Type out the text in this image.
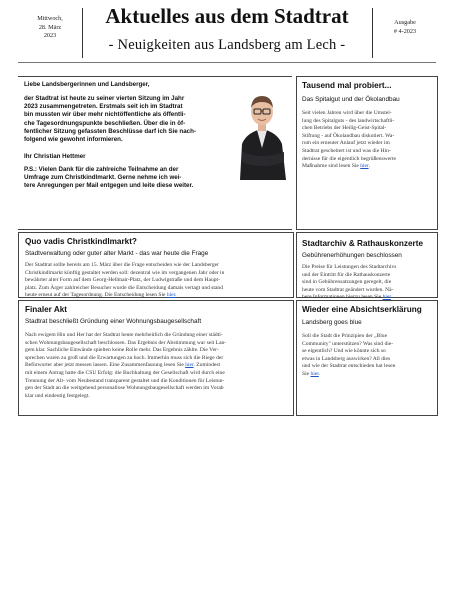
Mittwoch,
28. März
2023
Aktuelles aus dem Stadtrat
- Neuigkeiten aus Landsberg am Lech -
Ausgabe
# 4-2023
Liebe Landsbergerinnen und Landsberger,
der Stadtrat ist heute zu seiner vierten Sitzung im Jahr
2023 zusammengetreten. Erstmals seit ich im Stadtrat
bin mussten wir über mehr nichtöffentliche als öffentli-
che Tagesordnungspunkte beschließen. Über die in öf-
fentlicher Sitzung gefassten Beschlüsse darf ich Sie nach-
folgend wie gewohnt informieren.
Ihr Christian Hettmer
P.S.: Vielen Dank für die zahlreiche Teilnahme an der
Umfrage zum Christkindlmarkt. Gerne nehme ich wei-
tere Anregungen per Mail entgegen und leite diese weiter.
Tausend mal probiert...
Das Spitalgut und der Ökolandbau
Seit vielen Jahren wird über die Umstel-
lung des Spitalguts - des landwirtschaftli-
chen Betriebs der Heilig-Geist-Spital-
Stiftung - auf Ökolandbau diskutiert. Wa-
rum ein erneuter Anlauf jetzt wieder im
Stadtrat gescheitert ist und was die Hin-
dernisse für die eigentlich begrüßenswerte
Maßnahme sind lesen Sie hier.
Quo vadis Christkindlmarkt?
Stadtverwaltung oder guter alter Markt - das war heute die Frage
Der Stadtrat sollte bereits am 15. März über die Frage entscheiden wie der Landsberger
Christkindlmarkt künftig gestaltet werden soll: dezentral wie im vergangenen Jahr oder in
bewährter alter Form auf dem Georg-Hellmair-Platz, der Ludwigstraße und dem Haupt-
platz. Zum Ärger zahlreicher Besucher wurde die Entscheidung damals vertagt und stand
heute erneut auf der Tagesordnung. Die Entscheidung lesen Sie hier.
Stadtarchiv & Rathauskonzerte
Gebührenerhöhungen beschlossen
Die Preise für Leistungen des Stadtarchivs
und der Eintritt für die Rathauskonzerte
sind in Gebührensatzungen geregelt, die
heute vom Stadtrat geändert wurden. Nä-
here Informationen hierzu lesen Sie hier.
Finaler Akt
Stadtrat beschließt Gründung einer Wohnungsbaugesellschaft
Nach ewigem Hin und Her hat der Stadtrat heute mehrheitlich die Gründung einer städti-
schen Wohnungsbaugesellschaft beschlossen. Das Ergebnis der Abstimmung war seit Lan-
gem klar. Sachliche Einwände spielten keine Rolle mehr. Das Ergebnis zählte. Die Ver-
sprechen waren zu groß und die Erwartungen zu hoch. Immerhin muss sich die Riege der
Befürworter aber jetzt messen lassen. Eine Zusammenfassung lesen Sie hier. Zumindest
mit einem Antrag hatte die CSU Erfolg: die Buchhaltung der Gesellschaft wird durch eine
Trennung der Alt- vom Neubestand transparent gestaltet und die Konditionen für Leistun-
gen der Stadt an die weitgehend personallose Wohnungsbaugesellschaft werden im Vorab
klar und eindeutig festgelegt.
Wieder eine Absichtserklärung
Landsberg goes blue
Soll die Stadt die Prinzipien der „Blue
Community" unterstützen? Was sind die-
se eigentlich? Und wie könnte sich so
etwas in Landsberg auswirken? All dies
und wie der Stadtrat entschieden hat lesen
Sie hier.
